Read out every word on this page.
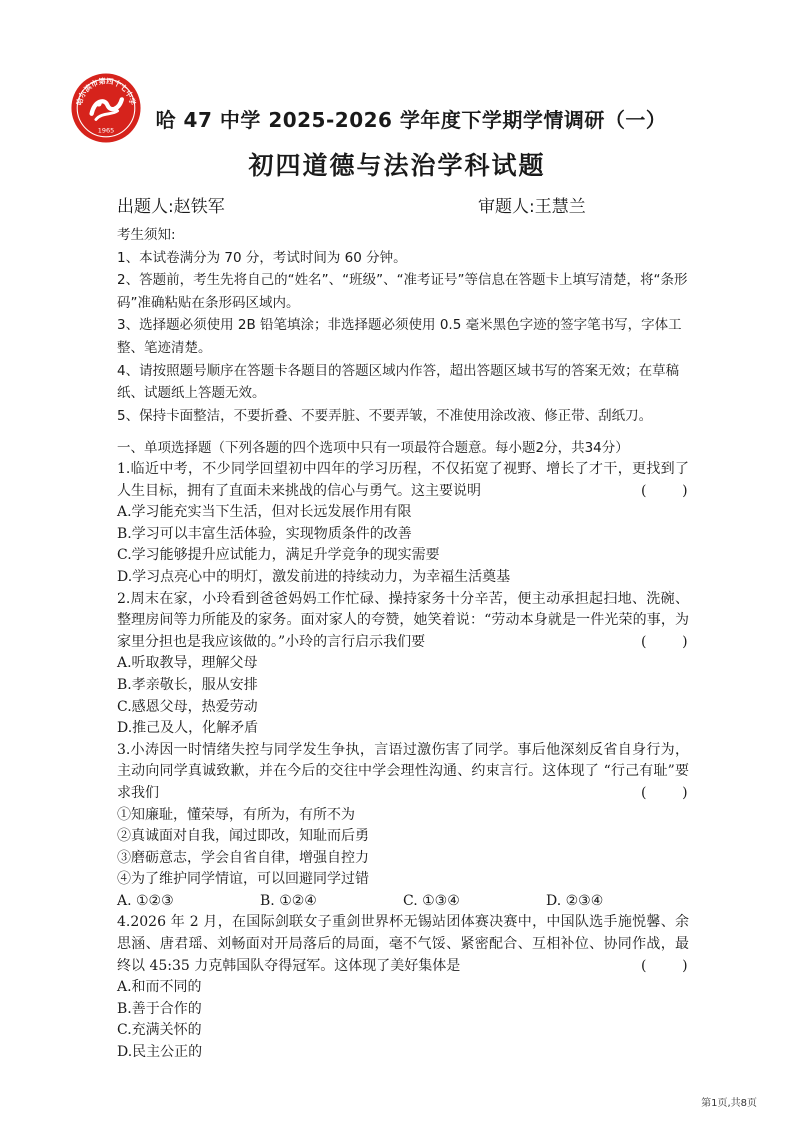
哈尔滨市第四十七中学
1965	哈 47 中学 2025-2026 学年度下学期学情调研（一）
初四道德与法治学科试题
出题人:赵铁军	审题人:王慧兰

考生须知:

1、本试卷满分为 70 分，考试时间为 60 分钟。

2、答题前，考生先将自己的“姓名”、“班级”、“准考证号”等信息在答题卡上填写清楚，将“条形码”准确粘贴在条形码区域内。

3、选择题必须使用 2B 铅笔填涂；非选择题必须使用 0.5 毫米黑色字迹的签字笔书写，字体工整、笔迹清楚。

4、请按照题号顺序在答题卡各题目的答题区域内作答，超出答题区域书写的答案无效；在草稿纸、试题纸上答题无效。

5、保持卡面整洁，不要折叠、不要弄脏、不要弄皱，不准使用涂改液、修正带、刮纸刀。

一、单项选择题（下列各题的四个选项中只有一项最符合题意。每小题2分，共34分）

1.临近中考，不少同学回望初中四年的学习历程，不仅拓宽了视野、增长了才干，更找到了人生目标，拥有了直面未来挑战的信心与勇气。这主要说明	(        )

A.学习能充实当下生活，但对长远发展作用有限

B.学习可以丰富生活体验，实现物质条件的改善

C.学习能够提升应试能力，满足升学竞争的现实需要

D.学习点亮心中的明灯，激发前进的持续动力，为幸福生活奠基

2.周末在家，小玲看到爸爸妈妈工作忙碌、操持家务十分辛苦，便主动承担起扫地、洗碗、整理房间等力所能及的家务。面对家人的夸赞，她笑着说：“劳动本身就是一件光荣的事，为家里分担也是我应该做的。”小玲的言行启示我们要	(        )

A.听取教导，理解父母

B.孝亲敬长，服从安排

C.感恩父母，热爱劳动

D.推己及人，化解矛盾

3.小涛因一时情绪失控与同学发生争执，言语过激伤害了同学。事后他深刻反省自身行为，主动向同学真诚致歉，并在今后的交往中学会理性沟通、约束言行。这体现了 “行己有耻”要求我们	(        )

①知廉耻，懂荣辱，有所为，有所不为

②真诚面对自我，闻过即改，知耻而后勇

③磨砺意志，学会自省自律，增强自控力

④为了维护同学情谊，可以回避同学过错

A. ①②③	B. ①②④	C. ①③④	D. ②③④

4.2026 年 2 月，在国际剑联女子重剑世界杯无锡站团体赛决赛中，中国队选手施悦馨、余思涵、唐君瑶、刘畅面对开局落后的局面，毫不气馁、紧密配合、互相补位、协同作战，最终以 45:35 力克韩国队夺得冠军。这体现了美好集体是	(        )

A.和而不同的

B.善于合作的

C.充满关怀的

D.民主公正的

第1页,共8页
